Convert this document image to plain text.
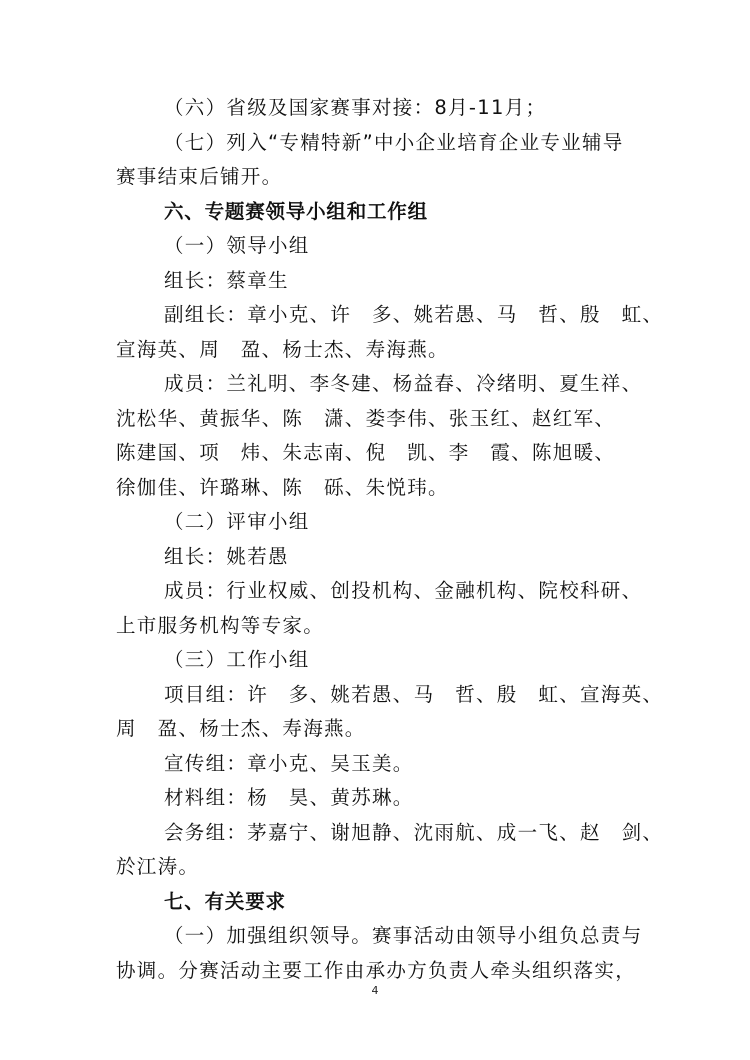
（六）省级及国家赛事对接：8月-11月；
（七）列入“专精特新”中小企业培育企业专业辅导
赛事结束后铺开。
六、专题赛领导小组和工作组
（一）领导小组
组长：蔡章生
副组长：章小克、许　多、姚若愚、马　哲、殷　虹、
宣海英、周　盈、杨士杰、寿海燕。
成员：兰礼明、李冬建、杨益春、冷绪明、夏生祥、
沈松华、黄振华、陈　潇、娄李伟、张玉红、赵红军、
陈建国、项　炜、朱志南、倪　凯、李　霞、陈旭暖、
徐伽佳、许璐琳、陈　砾、朱悦玮。
（二）评审小组
组长：姚若愚
成员：行业权威、创投机构、金融机构、院校科研、
上市服务机构等专家。
（三）工作小组
项目组：许　多、姚若愚、马　哲、殷　虹、宣海英、
周　盈、杨士杰、寿海燕。
宣传组：章小克、吴玉美。
材料组：杨　昊、黄苏琳。
会务组：茅嘉宁、谢旭静、沈雨航、成一飞、赵　剑、
於江涛。
七、有关要求
（一）加强组织领导。赛事活动由领导小组负总责与
协调。分赛活动主要工作由承办方负责人牵头组织落实，
4
